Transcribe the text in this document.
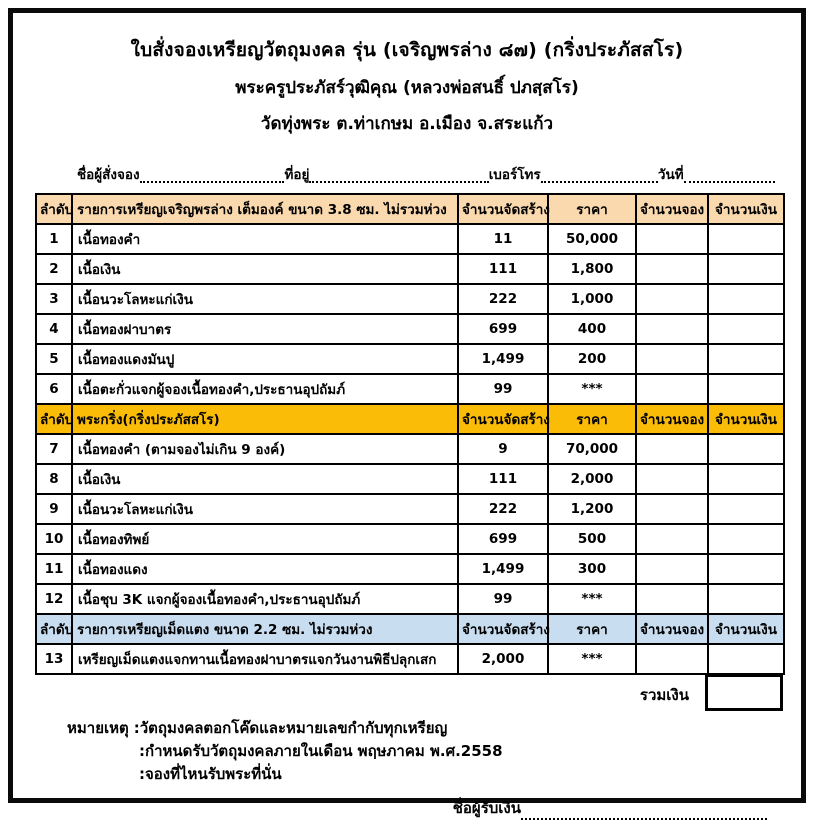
ใบสั่งจองเหรียญวัตถุมงคล รุ่น (เจริญพรล่าง ๘๗) (กริ่งประภัสสโร)
พระครูประภัสร์วุฒิคุณ (หลวงพ่อสนธิ์ ปภสฺสโร)
วัดทุ่งพระ ต.ท่าเกษม อ.เมือง จ.สระแก้ว
ชื่อผู้สั่งจอง	ที่อยู่	เบอร์โทร	วันที่
ลำดับ	รายการเหรียญเจริญพรล่าง เต็มองค์ ขนาด 3.8 ซม. ไม่รวมห่วง	จำนวนจัดสร้าง	ราคา	จำนวนจอง	จำนวนเงิน
1	เนื้อทองคำ	11	50,000		
2	เนื้อเงิน	111	1,800		
3	เนื้อนวะโลหะแก่เงิน	222	1,000		
4	เนื้อทองฝาบาตร	699	400		
5	เนื้อทองแดงมันปู	1,499	200		
6	เนื้อตะกั่วแจกผู้จองเนื้อทองคำ,ประธานอุปถัมภ์	99	***		
ลำดับ	พระกริ่ง(กริ่งประภัสสโร)	จำนวนจัดสร้าง	ราคา	จำนวนจอง	จำนวนเงิน
7	เนื้อทองคำ (ตามจองไม่เกิน 9 องค์)	9	70,000		
8	เนื้อเงิน	111	2,000		
9	เนื้อนวะโลหะแก่เงิน	222	1,200		
10	เนื้อทองทิพย์	699	500		
11	เนื้อทองแดง	1,499	300		
12	เนื้อชุบ 3K แจกผู้จองเนื้อทองคำ,ประธานอุปถัมภ์	99	***		
ลำดับ	รายการเหรียญเม็ดแตง ขนาด 2.2 ซม. ไม่รวมห่วง	จำนวนจัดสร้าง	ราคา	จำนวนจอง	จำนวนเงิน
13	เหรียญเม็ดแตงแจกทานเนื้อทองฝาบาตรแจกวันงานพิธีปลุกเสก	2,000	***		
รวมเงิน
หมายเหตุ :วัตถุมงคลตอกโค๊ดและหมายเลขกำกับทุกเหรียญ
:กำหนดรับวัตถุมงคลภายในเดือน พฤษภาคม พ.ศ.2558
:จองที่ไหนรับพระที่นั่น
ชื่อผู้รับเงิน
